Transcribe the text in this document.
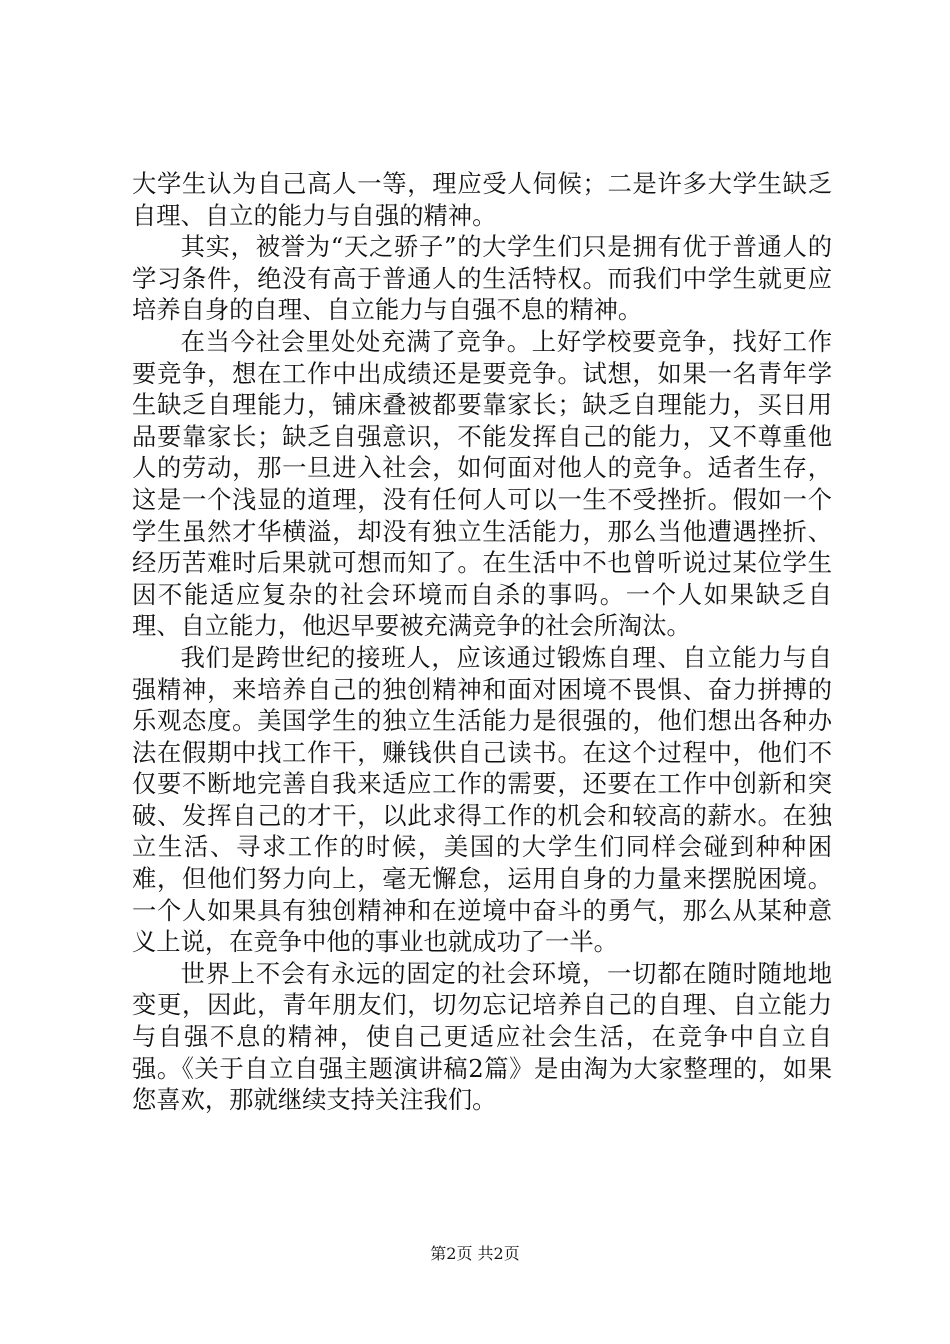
大学生认为自己高人一等，理应受人伺候；二是许多大学生缺乏自理、自立的能力与自强的精神。

其实，被誉为“天之骄子”的大学生们只是拥有优于普通人的学习条件，绝没有高于普通人的生活特权。而我们中学生就更应培养自身的自理、自立能力与自强不息的精神。

在当今社会里处处充满了竞争。上好学校要竞争，找好工作要竞争，想在工作中出成绩还是要竞争。试想，如果一名青年学生缺乏自理能力，铺床叠被都要靠家长；缺乏自理能力，买日用品要靠家长；缺乏自强意识，不能发挥自己的能力，又不尊重他人的劳动，那一旦进入社会，如何面对他人的竞争。适者生存，这是一个浅显的道理，没有任何人可以一生不受挫折。假如一个学生虽然才华横溢，却没有独立生活能力，那么当他遭遇挫折、经历苦难时后果就可想而知了。在生活中不也曾听说过某位学生因不能适应复杂的社会环境而自杀的事吗。一个人如果缺乏自理、自立能力，他迟早要被充满竞争的社会所淘汰。

我们是跨世纪的接班人，应该通过锻炼自理、自立能力与自强精神，来培养自己的独创精神和面对困境不畏惧、奋力拼搏的乐观态度。美国学生的独立生活能力是很强的，他们想出各种办法在假期中找工作干，赚钱供自己读书。在这个过程中，他们不仅要不断地完善自我来适应工作的需要，还要在工作中创新和突破、发挥自己的才干，以此求得工作的机会和较高的薪水。在独立生活、寻求工作的时候，美国的大学生们同样会碰到种种困难，但他们努力向上，毫无懈怠，运用自身的力量来摆脱困境。一个人如果具有独创精神和在逆境中奋斗的勇气，那么从某种意义上说，在竞争中他的事业也就成功了一半。

世界上不会有永远的固定的社会环境，一切都在随时随地地变更，因此，青年朋友们，切勿忘记培养自己的自理、自立能力与自强不息的精神，使自己更适应社会生活，在竞争中自立自强。《关于自立自强主题演讲稿2篇》是由淘为大家整理的，如果您喜欢，那就继续支持关注我们。

第2页 共2页
